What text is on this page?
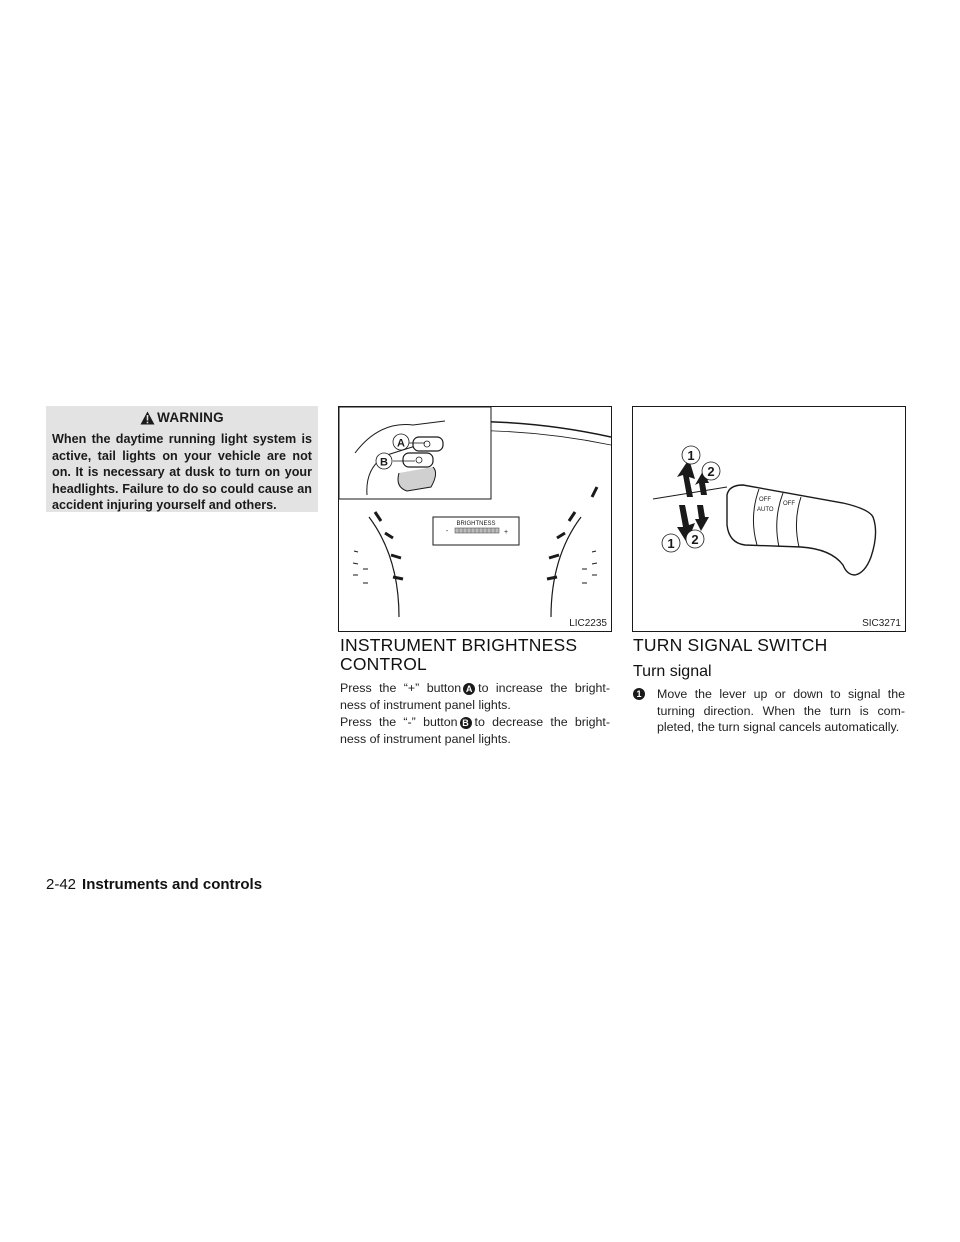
WARNING
When the daytime running light system is active, tail lights on your vehicle are not on. It is necessary at dusk to turn on your headlights. Failure to do so could cause an accident injuring yourself and others.
BRIGHTNESS
-	+
A
B
LIC2235
OFF
AUTO
OFF
1
2
1 2
SIC3271
INSTRUMENT BRIGHTNESS CONTROL

Press the “+” button A to increase the bright-ness of instrument panel lights.

Press the “-” button B to decrease the bright-ness of instrument panel lights.

TURN SIGNAL SWITCH
Turn signal
1 Move the lever up or down to signal the turning direction. When the turn is com-pleted, the turn signal cancels automatically.
2-42 Instruments and controls
